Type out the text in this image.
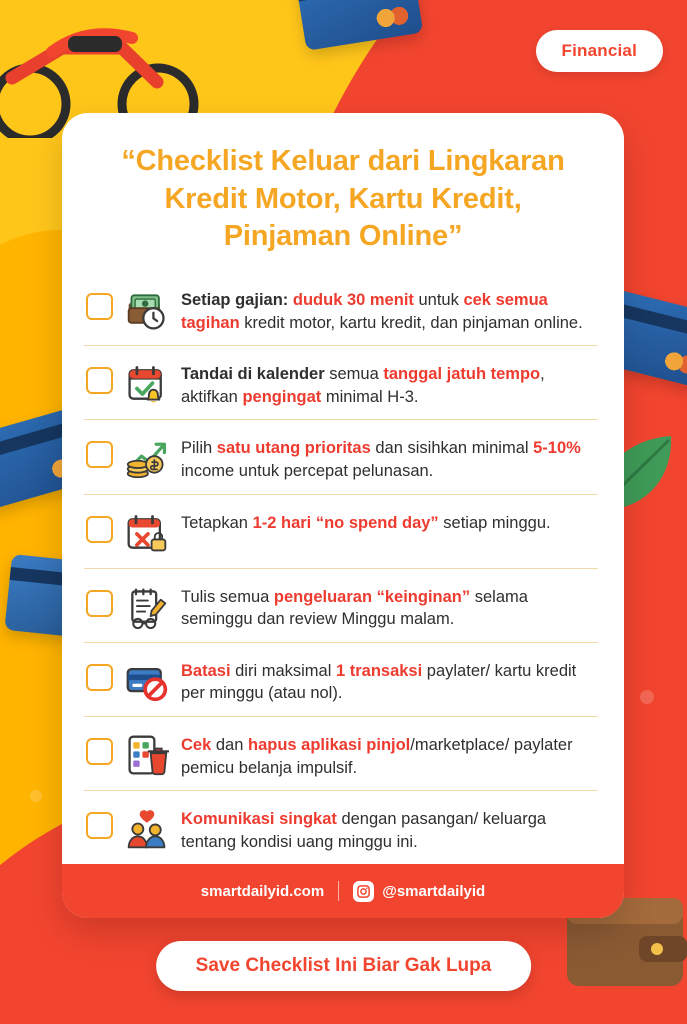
Financial
“Checklist Keluar dari Lingkaran Kredit Motor, Kartu Kredit, Pinjaman Online”
Setiap gajian: duduk 30 menit untuk cek semua tagihan kredit motor, kartu kredit, dan pinjaman online.
Tandai di kalender semua tanggal jatuh tempo, aktifkan pengingat minimal H-3.
Pilih satu utang prioritas dan sisihkan minimal 5-10% income untuk percepat pelunasan.
Tetapkan 1-2 hari “no spend day” setiap minggu.
Tulis semua pengeluaran “keinginan” selama seminggu dan review Minggu malam.
Batasi diri maksimal 1 transaksi paylater/ kartu kredit per minggu (atau nol).
Cek dan hapus aplikasi pinjol/marketplace/ paylater pemicu belanja impulsif.
Komunikasi singkat dengan pasangan/ keluarga tentang kondisi uang minggu ini.
smartdailyid.com	@smartdailyid
Save Checklist Ini Biar Gak Lupa
